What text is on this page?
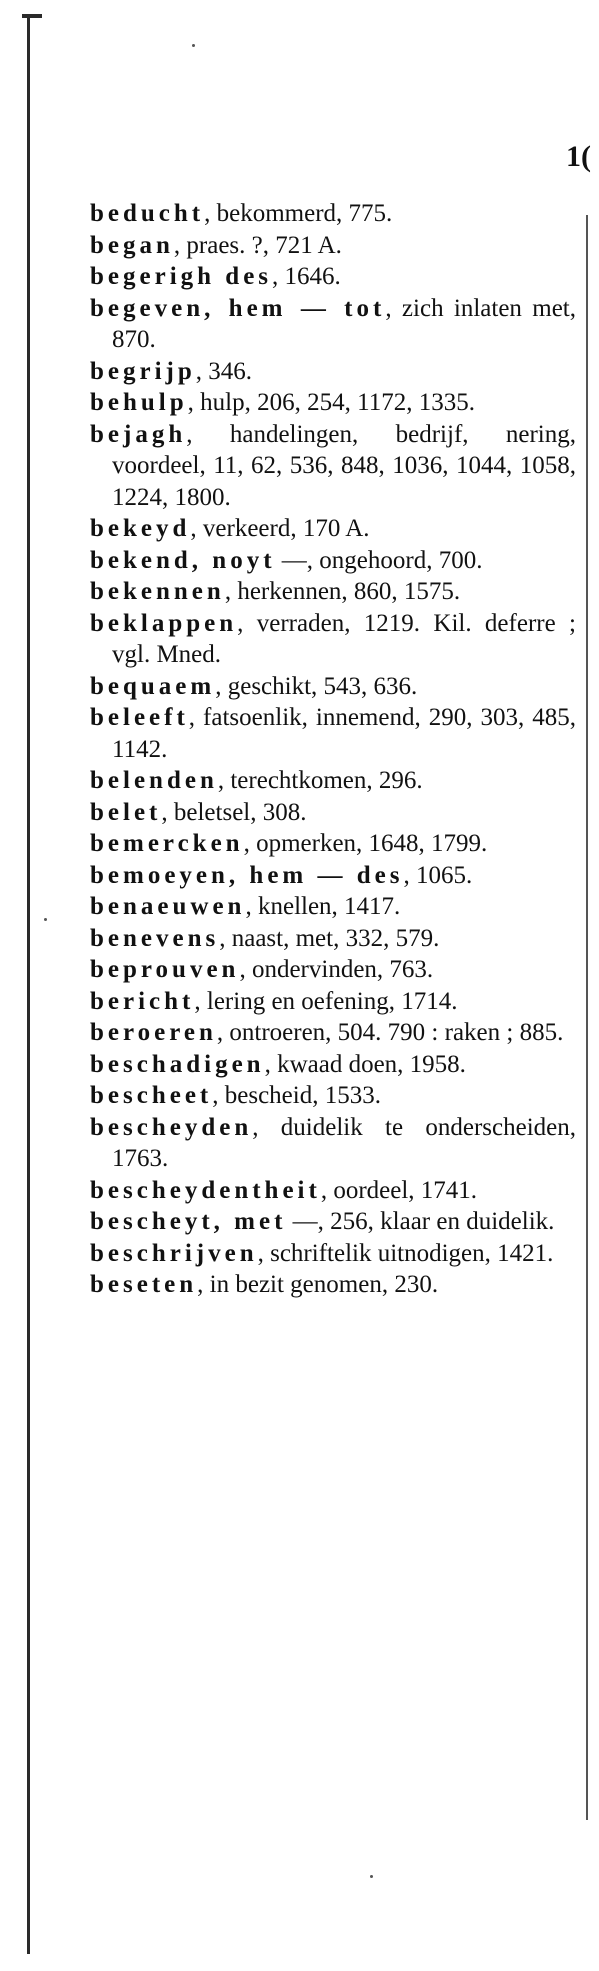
1(
beducht, bekommerd, 775.
began, praes. ?, 721 A.
begerigh des, 1646.
begeven, hem — tot, zich inlaten met, 870.
begrijp, 346.
behulp, hulp, 206, 254, 1172, 1335.
bejagh, handelingen, bedrijf, nering, voordeel, 11, 62, 536, 848, 1036, 1044, 1058, 1224, 1800.
bekeyd, verkeerd, 170 A.
bekend, noyt —, ongehoord, 700.
bekennen, herkennen, 860, 1575.
beklappen, verraden, 1219. Kil. deferre ; vgl. Mned.
bequaem, geschikt, 543, 636.
beleeft, fatsoenlik, innemend, 290, 303, 485, 1142.
belenden, terechtkomen, 296.
belet, beletsel, 308.
bemercken, opmerken, 1648, 1799.
bemoeyen, hem — des, 1065.
benaeuwen, knellen, 1417.
benevens, naast, met, 332, 579.
beprouven, ondervinden, 763.
bericht, lering en oefening, 1714.
beroeren, ontroeren, 504. 790 : raken ; 885.
beschadigen, kwaad doen, 1958.
bescheet, bescheid, 1533.
bescheyden, duidelik te onderscheiden, 1763.
bescheydentheit, oordeel, 1741.
bescheyt, met —, 256, klaar en duidelik.
beschrijven, schriftelik uitnodigen, 1421.
beseten, in bezit genomen, 230.
